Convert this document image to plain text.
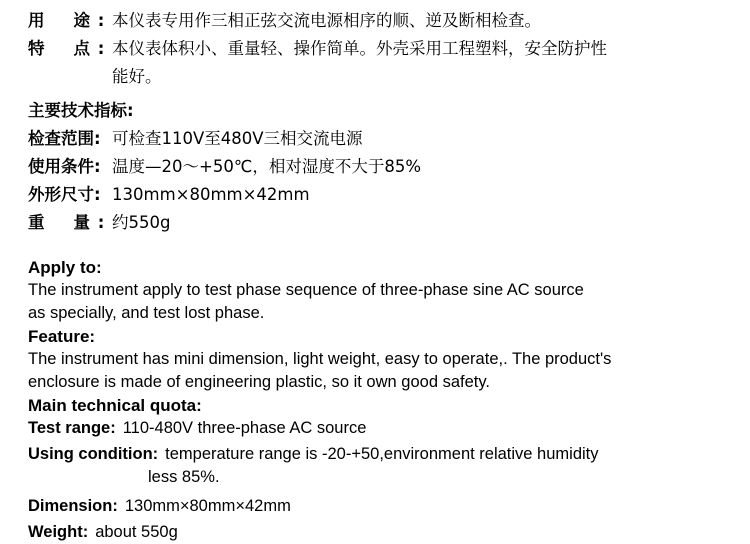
用 途 : 本仪表专用作三相正弦交流电源相序的顺、逆及断相检查。
特 点 : 本仪表体积小、重量轻、操作简单。外壳采用工程塑料，安全防护性
能好。
主要技术指标:
检查范围: 可检查110V至480V三相交流电源
使用条件: 温度—20～+50℃，相对湿度不大于85%
外形尺寸: 130mm×80mm×42mm
重 量 : 约550g
Apply to:
The instrument apply to test phase sequence of three-phase sine AC source
as specially, and test lost phase.
Feature:
The instrument has mini dimension, light weight, easy to operate,. The product's
enclosure is made of engineering plastic, so it own good safety.
Main technical quota:
Test range: 110-480V three-phase AC source
Using condition: temperature range is -20-+50,environment relative humidity
less 85%.
Dimension: 130mm×80mm×42mm
Weight: about 550g
